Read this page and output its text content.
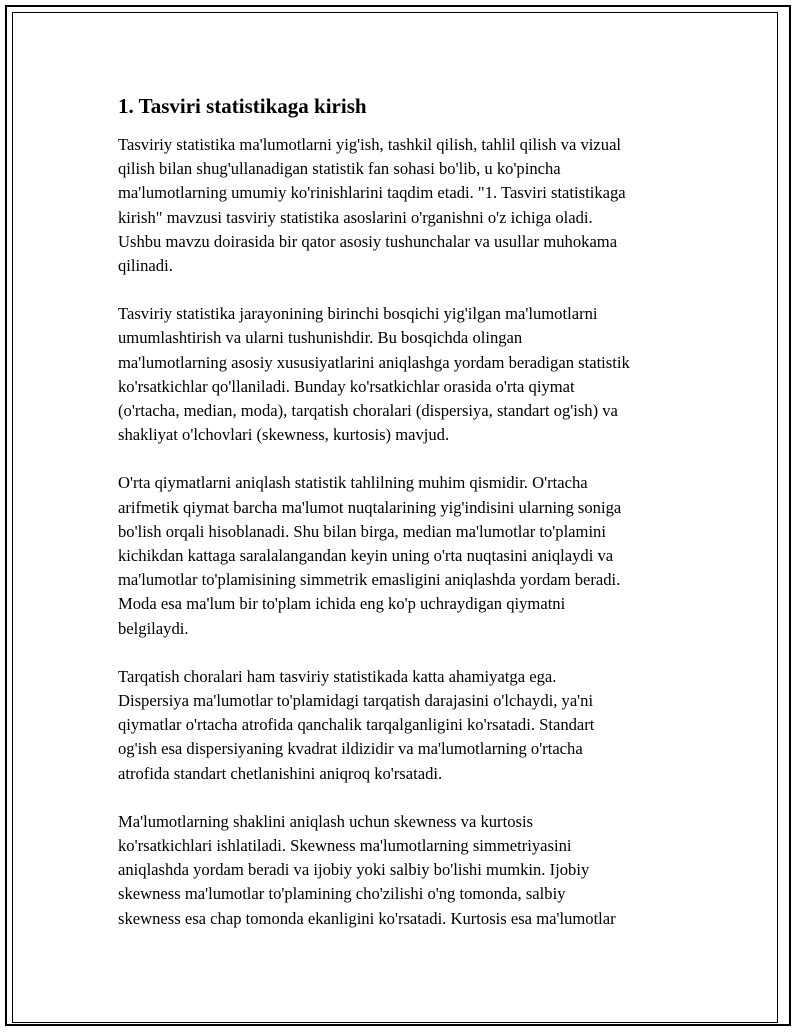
1. Tasviri statistikaga kirish

Tasviriy statistika ma'lumotlarni yig'ish, tashkil qilish, tahlil qilish va vizual
qilish bilan shug'ullanadigan statistik fan sohasi bo'lib, u ko'pincha
ma'lumotlarning umumiy ko'rinishlarini taqdim etadi. "1. Tasviri statistikaga
kirish" mavzusi tasviriy statistika asoslarini o'rganishni o'z ichiga oladi.
Ushbu mavzu doirasida bir qator asosiy tushunchalar va usullar muhokama
qilinadi.

Tasviriy statistika jarayonining birinchi bosqichi yig'ilgan ma'lumotlarni
umumlashtirish va ularni tushunishdir. Bu bosqichda olingan
ma'lumotlarning asosiy xususiyatlarini aniqlashga yordam beradigan statistik
ko'rsatkichlar qo'llaniladi. Bunday ko'rsatkichlar orasida o'rta qiymat
(o'rtacha, median, moda), tarqatish choralari (dispersiya, standart og'ish) va
shakliyat o'lchovlari (skewness, kurtosis) mavjud.

O'rta qiymatlarni aniqlash statistik tahlilning muhim qismidir. O'rtacha
arifmetik qiymat barcha ma'lumot nuqtalarining yig'indisini ularning soniga
bo'lish orqali hisoblanadi. Shu bilan birga, median ma'lumotlar to'plamini
kichikdan kattaga saralalangandan keyin uning o'rta nuqtasini aniqlaydi va
ma'lumotlar to'plamisining simmetrik emasligini aniqlashda yordam beradi.
Moda esa ma'lum bir to'plam ichida eng ko'p uchraydigan qiymatni
belgilaydi.

Tarqatish choralari ham tasviriy statistikada katta ahamiyatga ega.
Dispersiya ma'lumotlar to'plamidagi tarqatish darajasini o'lchaydi, ya'ni
qiymatlar o'rtacha atrofida qanchalik tarqalganligini ko'rsatadi. Standart
og'ish esa dispersiyaning kvadrat ildizidir va ma'lumotlarning o'rtacha
atrofida standart chetlanishini aniqroq ko'rsatadi.

Ma'lumotlarning shaklini aniqlash uchun skewness va kurtosis
ko'rsatkichlari ishlatiladi. Skewness ma'lumotlarning simmetriyasini
aniqlashda yordam beradi va ijobiy yoki salbiy bo'lishi mumkin. Ijobiy
skewness ma'lumotlar to'plamining cho'zilishi o'ng tomonda, salbiy
skewness esa chap tomonda ekanligini ko'rsatadi. Kurtosis esa ma'lumotlar
